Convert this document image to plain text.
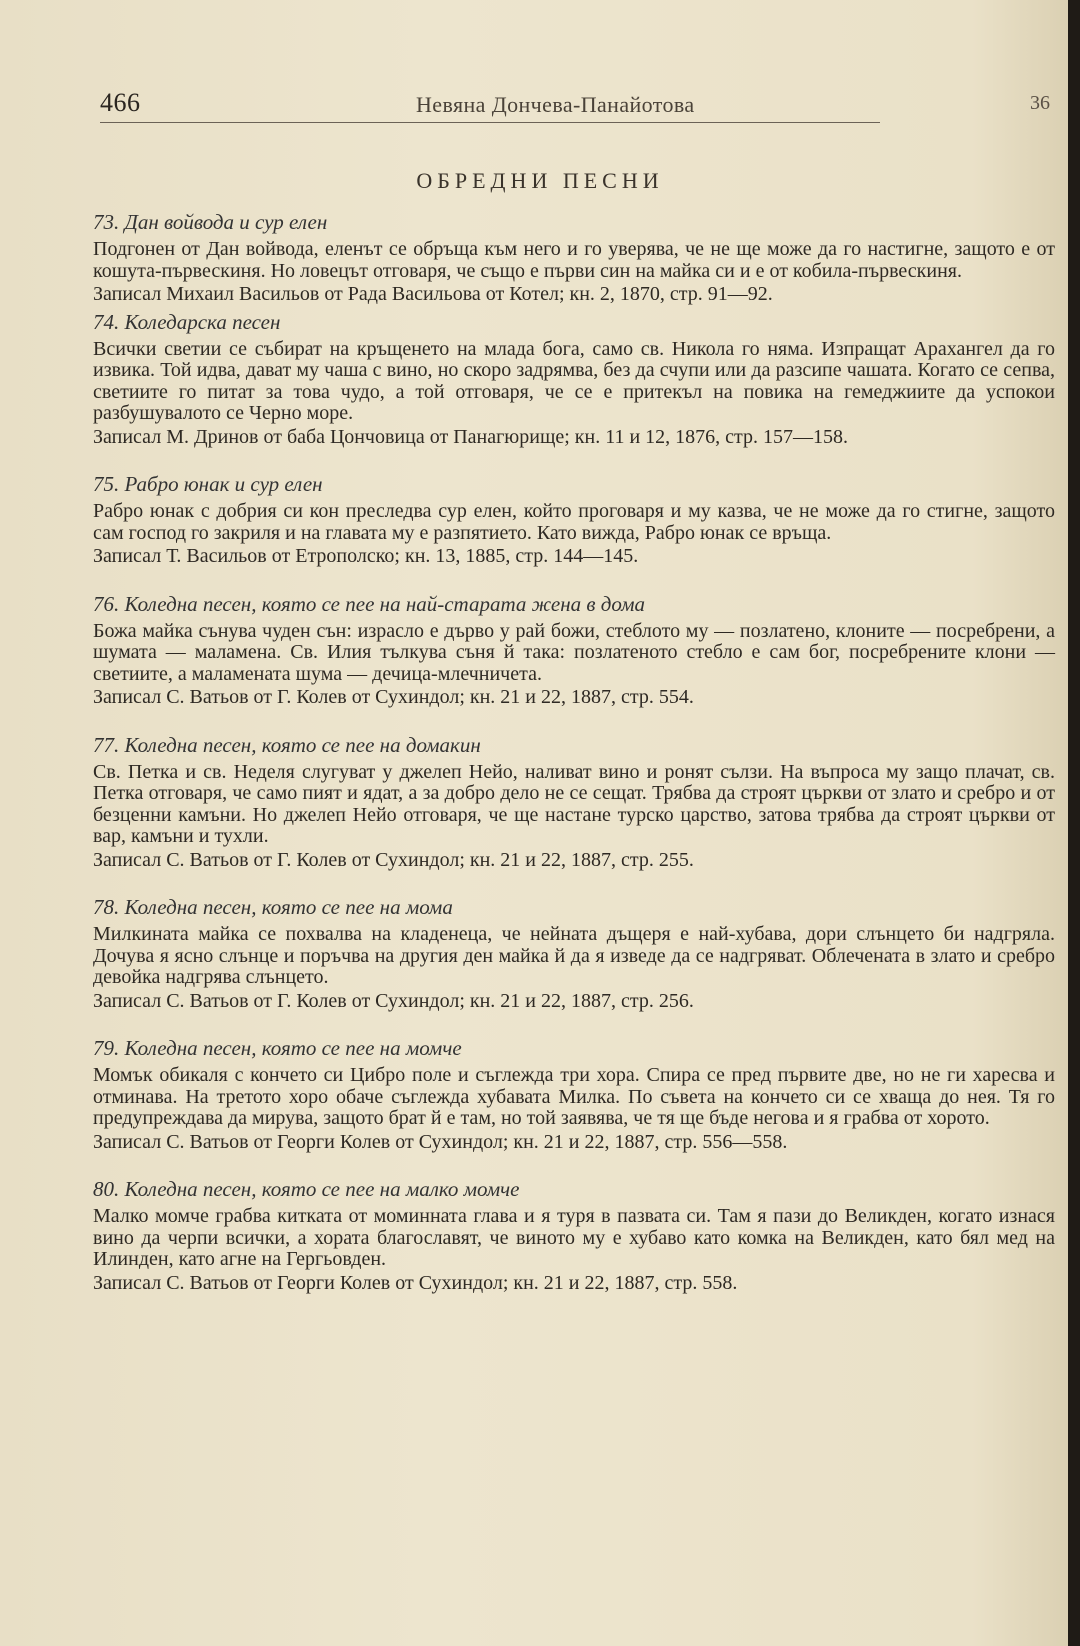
466	Невяна Дончева-Панайотова	36
ОБРЕДНИ ПЕСНИ
73. Дан войвода и сур елен

Подгонен от Дан войвода, еленът се обръща към него и го уверява, че не ще може да го настигне, защото е от кошута-първескиня. Но ловецът отговаря, че също е първи син на майка си и е от кобила-първескиня.

Записал Михаил Васильов от Рада Васильова от Котел; кн. 2, 1870, стр. 91—92.

74. Коледарска песен

Всички светии се събират на кръщенето на млада бога, само св. Никола го няма. Изпращат Арахангел да го извика. Той идва, дават му чаша с вино, но скоро задрямва, без да счупи или да разсипе чашата. Когато се сепва, светиите го питат за това чудо, а той отговаря, че се е притекъл на повика на гемеджиите да успокои разбушувалото се Черно море.

Записал М. Дринов от баба Цончовица от Панагюрище; кн. 11 и 12, 1876, стр. 157—158.

75. Рабро юнак и сур елен

Рабро юнак с добрия си кон преследва сур елен, който проговаря и му казва, че не може да го стигне, защото сам господ го закриля и на главата му е разпятието. Като вижда, Рабро юнак се връща.

Записал Т. Васильов от Етрополско; кн. 13, 1885, стр. 144—145.

76. Коледна песен, която се пее на най-старата жена в дома

Божа майка сънува чуден сън: израсло е дърво у рай божи, стеблото му — позлатено, клоните — посребрени, а шумата — маламена. Св. Илия тълкува съня й така: позлатеното стебло е сам бог, посребрените клони — светиите, а маламената шума — дечица-млечничета.

Записал С. Ватьов от Г. Колев от Сухиндол; кн. 21 и 22, 1887, стр. 554.

77. Коледна песен, която се пее на домакин

Св. Петка и св. Неделя слугуват у джелеп Нейо, наливат вино и ронят сълзи. На въпроса му защо плачат, св. Петка отговаря, че само пият и ядат, а за добро дело не се сещат. Трябва да строят църкви от злато и сребро и от безценни камъни. Но джелеп Нейо отговаря, че ще настане турско царство, затова трябва да строят църкви от вар, камъни и тухли.

Записал С. Ватьов от Г. Колев от Сухиндол; кн. 21 и 22, 1887, стр. 255.

78. Коледна песен, която се пее на мома

Милкината майка се похвалва на кладенеца, че нейната дъщеря е най-хубава, дори слънцето би надгряла. Дочува я ясно слънце и поръчва на другия ден майка й да я изведе да се надгряват. Облечената в злато и сребро девойка надгрява слънцето.

Записал С. Ватьов от Г. Колев от Сухиндол; кн. 21 и 22, 1887, стр. 256.

79. Коледна песен, която се пее на момче

Момък обикаля с кончето си Цибро поле и съглежда три хора. Спира се пред първите две, но не ги харесва и отминава. На третото хоро обаче съглежда хубавата Милка. По съвета на кончето си се хваща до нея. Тя го предупреждава да мирува, защото брат й е там, но той заявява, че тя ще бъде негова и я грабва от хорото.

Записал С. Ватьов от Георги Колев от Сухиндол; кн. 21 и 22, 1887, стр. 556—558.

80. Коледна песен, която се пее на малко момче

Малко момче грабва китката от моминната глава и я туря в пазвата си. Там я пази до Великден, когато изнася вино да черпи всички, а хората благославят, че виното му е хубаво като комка на Великден, като бял мед на Илинден, като агне на Гергьовден.

Записал С. Ватьов от Георги Колев от Сухиндол; кн. 21 и 22, 1887, стр. 558.
